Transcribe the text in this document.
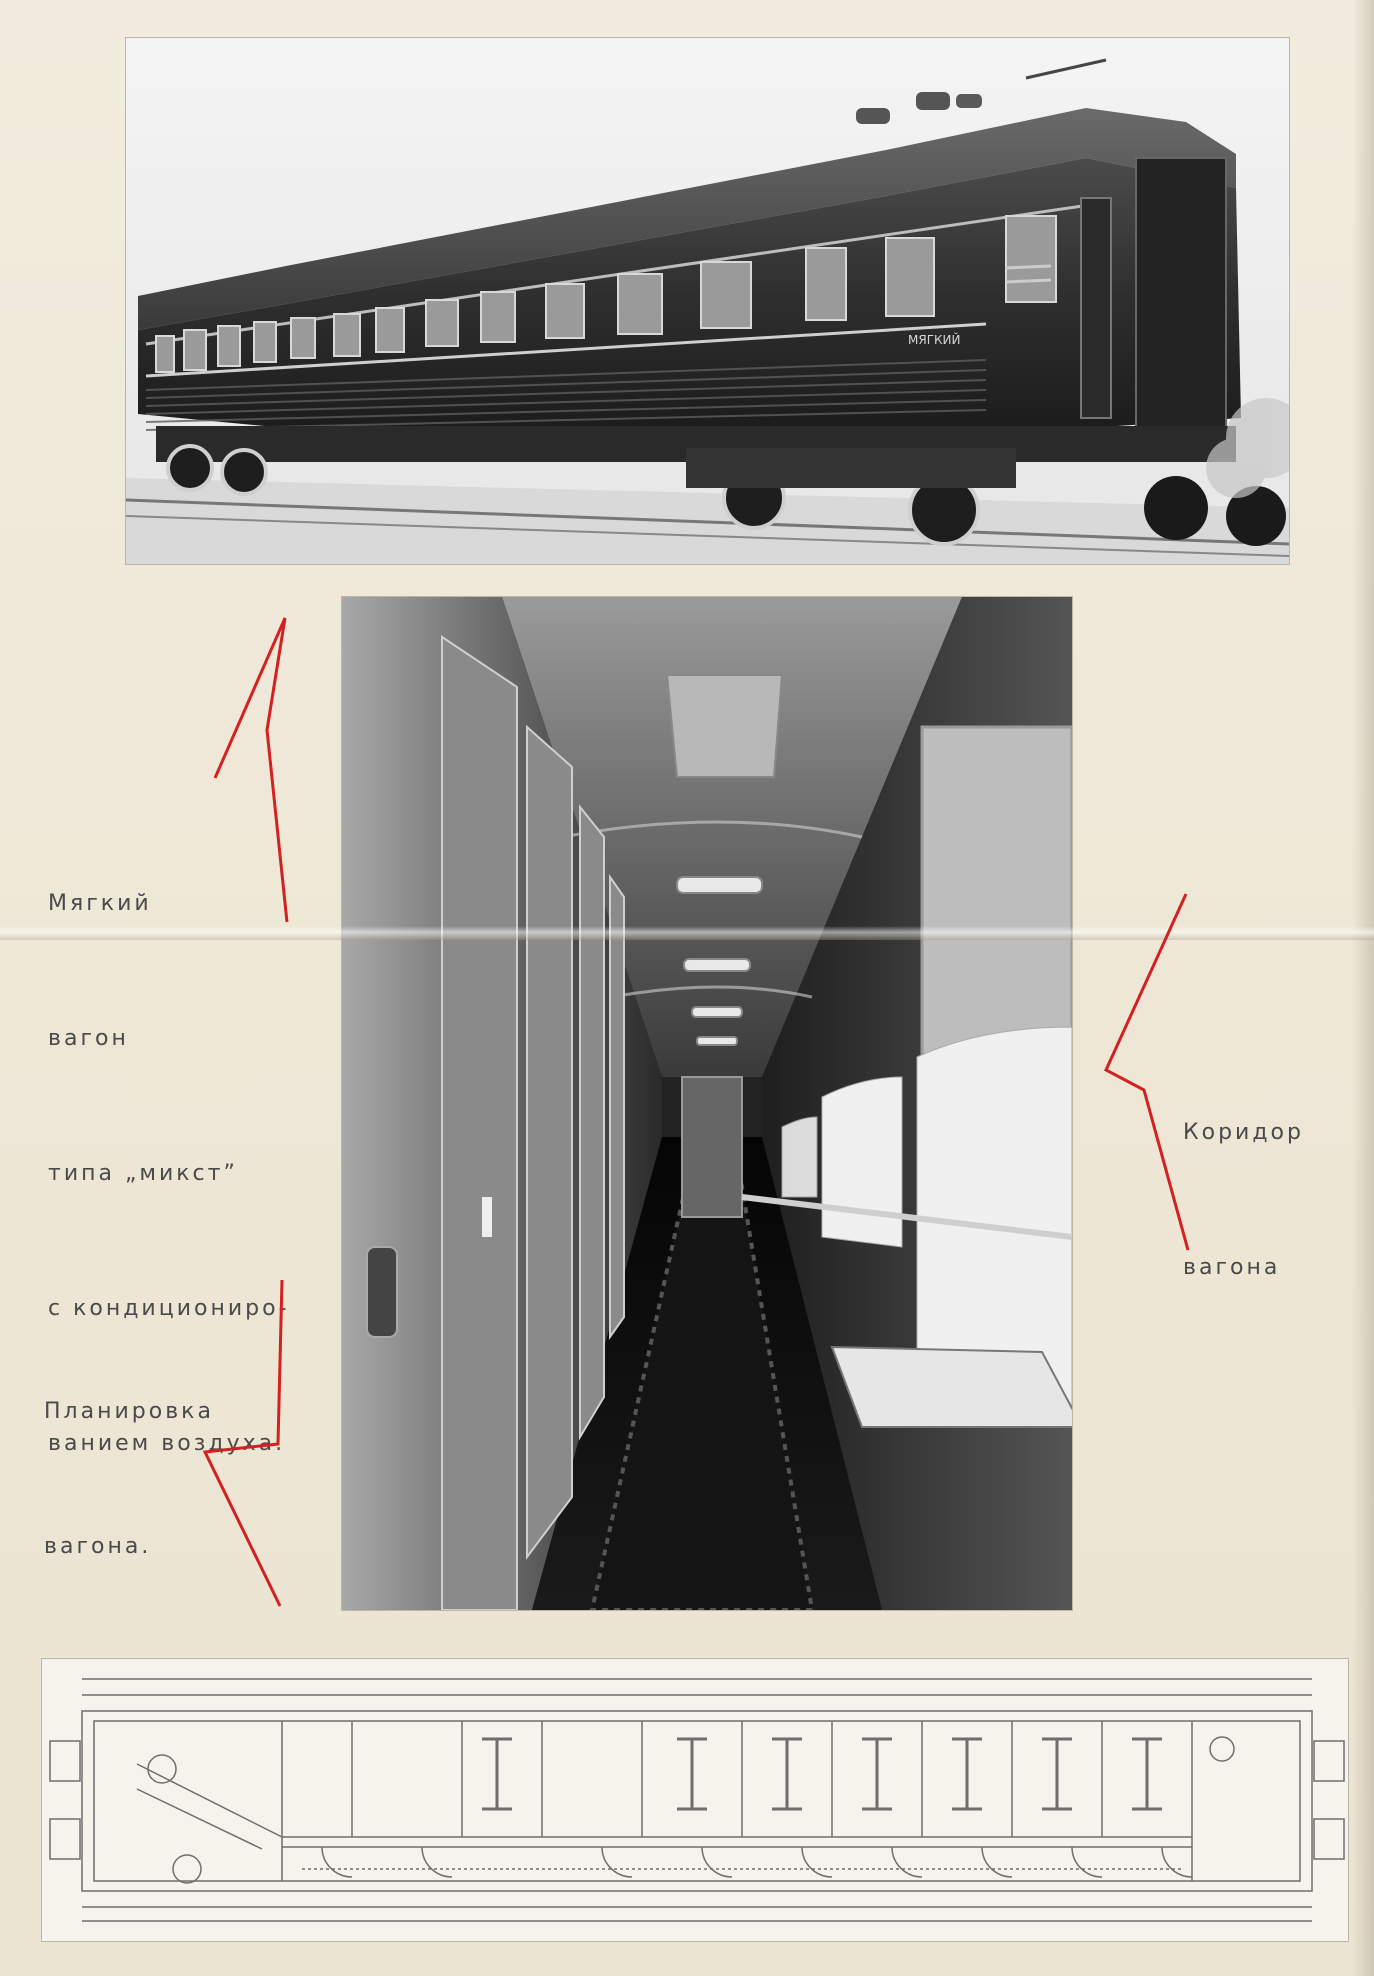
МЯГКИЙ

Мягкий

вагон

типа „микст”

с кондициониро-

ванием воздуха.

Коридор

вагона

Планировка

вагона.
